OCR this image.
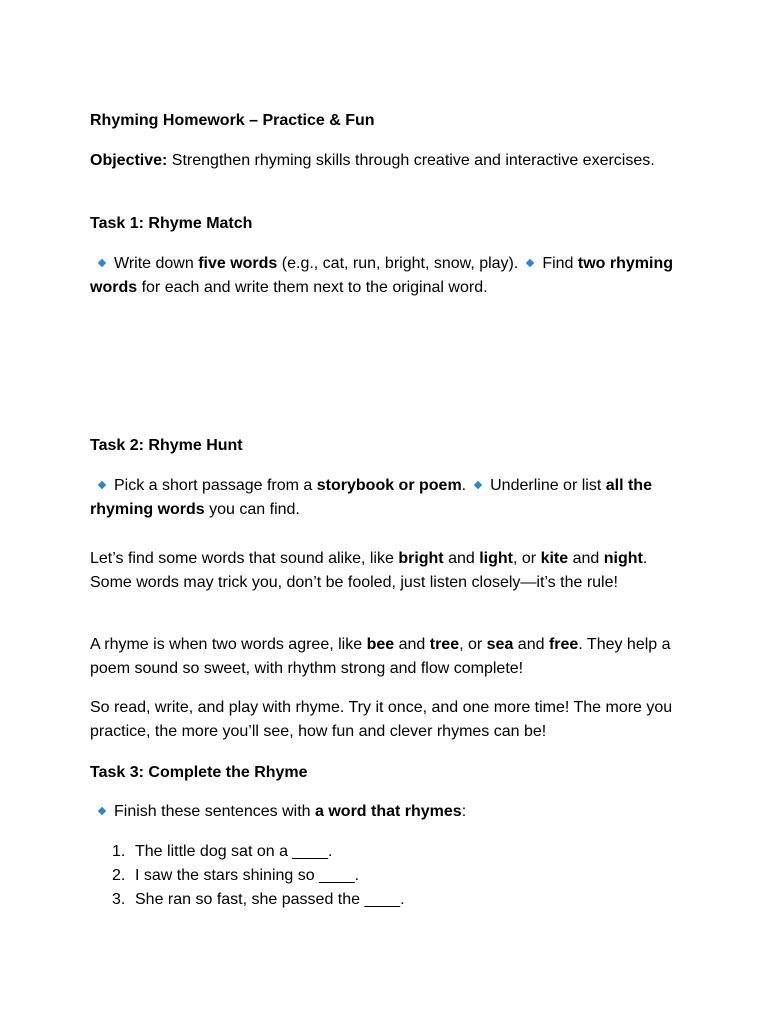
Rhyming Homework – Practice & Fun

Objective: Strengthen rhyming skills through creative and interactive exercises.

Task 1: Rhyme Match

Write down five words (e.g., cat, run, bright, snow, play). Find two rhyming words for each and write them next to the original word.

Task 2: Rhyme Hunt

Pick a short passage from a storybook or poem. Underline or list all the rhyming words you can find.

Let’s find some words that sound alike, like bright and light, or kite and night. Some words may trick you, don’t be fooled, just listen closely—it’s the rule!

A rhyme is when two words agree, like bee and tree, or sea and free. They help a poem sound so sweet, with rhythm strong and flow complete!

So read, write, and play with rhyme. Try it once, and one more time! The more you practice, the more you’ll see, how fun and clever rhymes can be!

Task 3: Complete the Rhyme

Finish these sentences with a word that rhymes:

1. The little dog sat on a ____.
2. I saw the stars shining so ____.
3. She ran so fast, she passed the ____.
